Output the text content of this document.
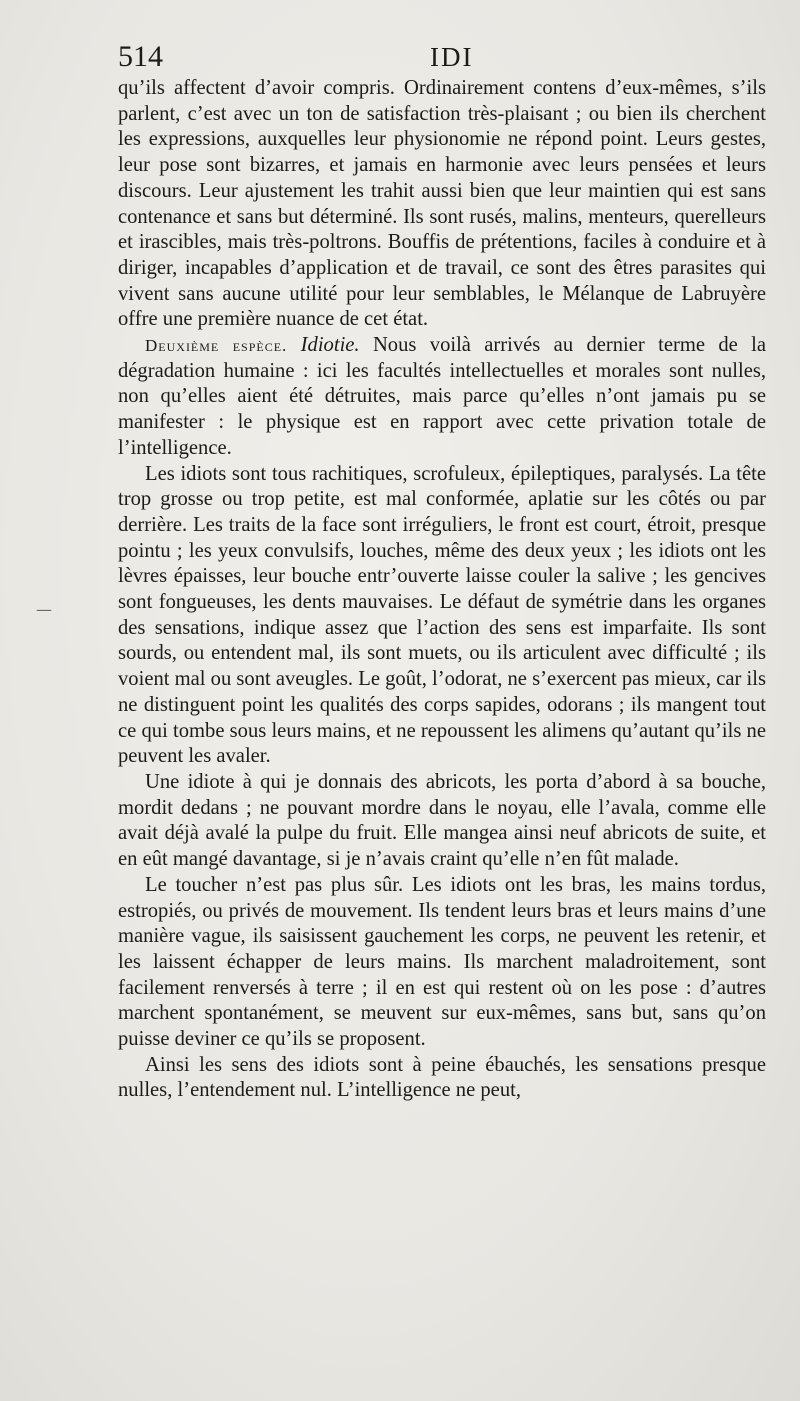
514	IDI

qu’ils affectent d’avoir compris. Ordinairement contens d’eux-mêmes, s’ils parlent, c’est avec un ton de satisfaction très-plaisant ; ou bien ils cherchent les expressions, auxquelles leur physionomie ne répond point. Leurs gestes, leur pose sont bizarres, et jamais en harmonie avec leurs pensées et leurs discours. Leur ajustement les trahit aussi bien que leur maintien qui est sans contenance et sans but déterminé. Ils sont rusés, malins, menteurs, querelleurs et irascibles, mais très-poltrons. Bouffis de prétentions, faciles à conduire et à diriger, incapables d’application et de travail, ce sont des êtres parasites qui vivent sans aucune utilité pour leur semblables, le Mélanque de Labruyère offre une première nuance de cet état.

Deuxième espèce. Idiotie. Nous voilà arrivés au dernier terme de la dégradation humaine : ici les facultés intellectuelles et morales sont nulles, non qu’elles aient été détruites, mais parce qu’elles n’ont jamais pu se manifester : le physique est en rapport avec cette privation totale de l’intelligence.

Les idiots sont tous rachitiques, scrofuleux, épileptiques, paralysés. La tête trop grosse ou trop petite, est mal conformée, aplatie sur les côtés ou par derrière. Les traits de la face sont irréguliers, le front est court, étroit, presque pointu ; les yeux convulsifs, louches, même des deux yeux ; les idiots ont les lèvres épaisses, leur bouche entr’ouverte laisse couler la salive ; les gencives sont fongueuses, les dents mauvaises. Le défaut de symétrie dans les organes des sensations, indique assez que l’action des sens est imparfaite. Ils sont sourds, ou entendent mal, ils sont muets, ou ils articulent avec difficulté ; ils voient mal ou sont aveugles. Le goût, l’odorat, ne s’exercent pas mieux, car ils ne distinguent point les qualités des corps sapides, odorans ; ils mangent tout ce qui tombe sous leurs mains, et ne repoussent les alimens qu’autant qu’ils ne peuvent les avaler.

Une idiote à qui je donnais des abricots, les porta d’abord à sa bouche, mordit dedans ; ne pouvant mordre dans le noyau, elle l’avala, comme elle avait déjà avalé la pulpe du fruit. Elle mangea ainsi neuf abricots de suite, et en eût mangé davantage, si je n’avais craint qu’elle n’en fût malade.

Le toucher n’est pas plus sûr. Les idiots ont les bras, les mains tordus, estropiés, ou privés de mouvement. Ils tendent leurs bras et leurs mains d’une manière vague, ils saisissent gauchement les corps, ne peuvent les retenir, et les laissent échapper de leurs mains. Ils marchent maladroitement, sont facilement renversés à terre ; il en est qui restent où on les pose : d’autres marchent spontanément, se meuvent sur eux-mêmes, sans but, sans qu’on puisse deviner ce qu’ils se proposent.

Ainsi les sens des idiots sont à peine ébauchés, les sensations presque nulles, l’entendement nul. L’intelligence ne peut,

—
